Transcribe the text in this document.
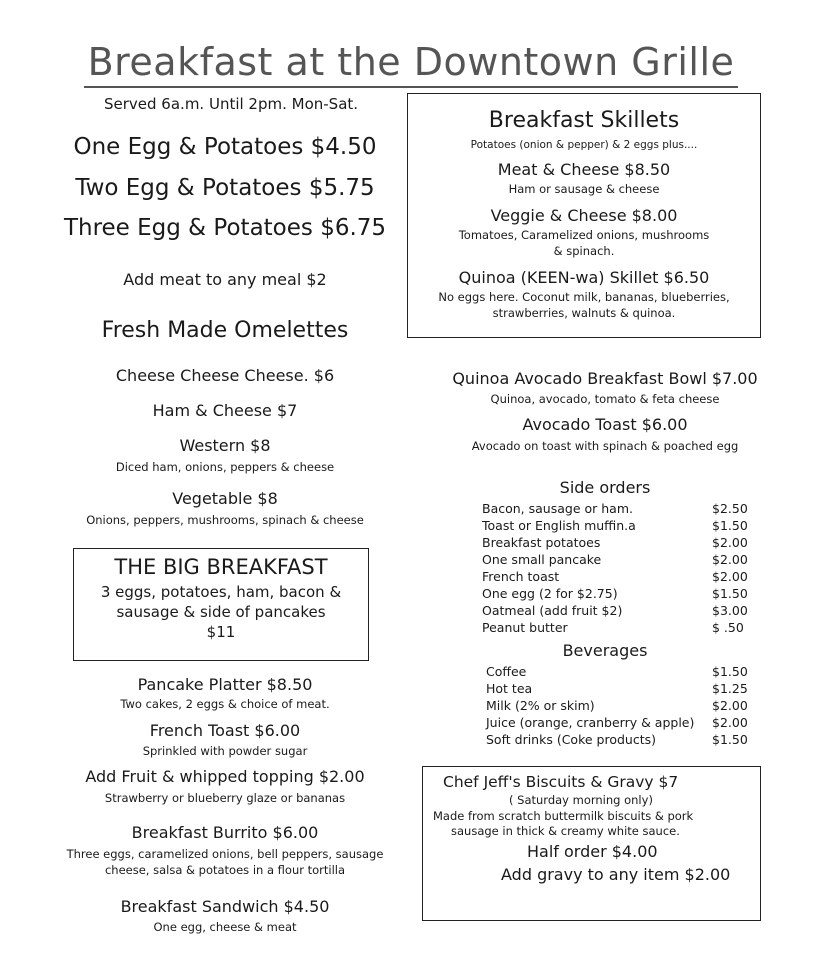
Breakfast at the Downtown Grille
Served 6a.m. Until 2pm. Mon-Sat.
One Egg & Potatoes $4.50
Two Egg & Potatoes $5.75
Three Egg & Potatoes $6.75
Add meat to any meal $2
Fresh Made Omelettes
Cheese Cheese Cheese. $6
Ham & Cheese $7
Western $8
Diced ham, onions, peppers & cheese
Vegetable $8
Onions, peppers, mushrooms, spinach & cheese
THE BIG BREAKFAST
3 eggs, potatoes, ham, bacon &
sausage & side of pancakes
$11
Pancake Platter $8.50
Two cakes, 2 eggs & choice of meat.
French Toast $6.00
Sprinkled with powder sugar
Add Fruit & whipped topping $2.00
Strawberry or blueberry glaze or bananas
Breakfast Burrito $6.00
Three eggs, caramelized onions, bell peppers, sausage
cheese, salsa & potatoes in a flour tortilla
Breakfast Sandwich $4.50
One egg, cheese & meat
Breakfast Skillets
Potatoes (onion & pepper) & 2 eggs plus....
Meat & Cheese $8.50
Ham or sausage & cheese
Veggie & Cheese $8.00
Tomatoes, Caramelized onions, mushrooms
& spinach.
Quinoa (KEEN-wa) Skillet $6.50
No eggs here. Coconut milk, bananas, blueberries,
strawberries, walnuts & quinoa.
Quinoa Avocado Breakfast Bowl $7.00
Quinoa, avocado, tomato & feta cheese
Avocado Toast $6.00
Avocado on toast with spinach & poached egg
Side orders
Bacon, sausage or ham.	$2.50
Toast or English muffin.a	$1.50
Breakfast potatoes	$2.00
One small pancake	$2.00
French toast	$2.00
One egg (2 for $2.75)	$1.50
Oatmeal (add fruit $2)	$3.00
Peanut butter	$ .50
Beverages
Coffee	$1.50
Hot tea	$1.25
Milk (2% or skim)	$2.00
Juice (orange, cranberry & apple) $2.00
Soft drinks (Coke products)	$1.50
Chef Jeff's Biscuits & Gravy $7
( Saturday morning only)
Made from scratch buttermilk biscuits & pork
sausage in thick & creamy white sauce.
Half order $4.00
Add gravy to any item $2.00
